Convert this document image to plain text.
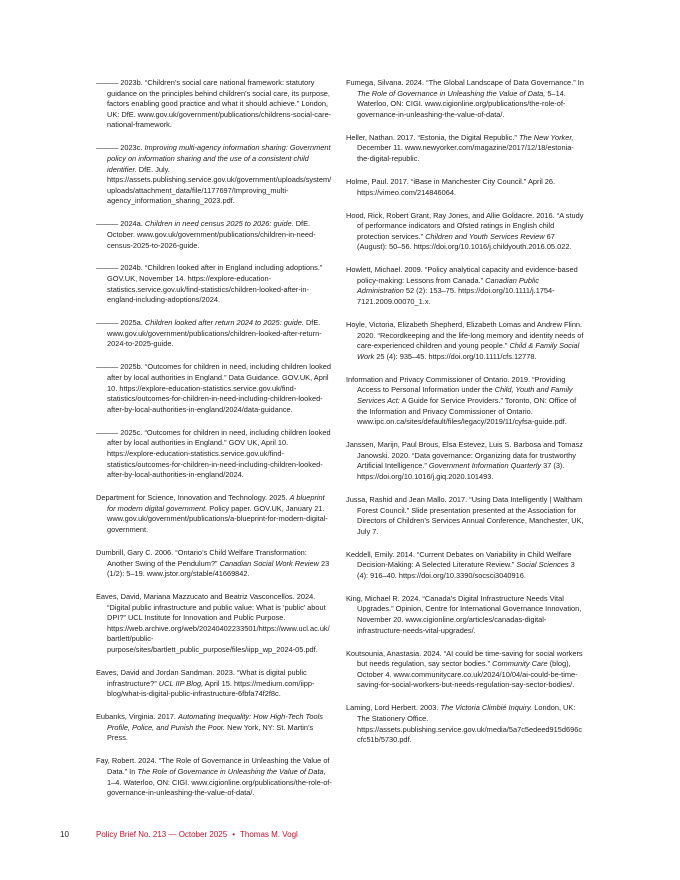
——— 2023b. “Children’s social care national framework: statutory guidance on the principles behind children’s social care, its purpose, factors enabling good practice and what it should achieve.” London, UK: DfE. www.gov.uk/government/publications/childrens-social-care-national-framework.

——— 2023c. Improving multi-agency information sharing: Government policy on information sharing and the use of a consistent child identifier. DfE. July. https://assets.publishing.service.gov.uk/government/uploads/system/uploads/attachment_data/file/1177697/Improving_multi-agency_information_sharing_2023.pdf.

——— 2024a. Children in need census 2025 to 2026: guide. DfE. October. www.gov.uk/government/publications/children-in-need-census-2025-to-2026-guide.

——— 2024b. “Children looked after in England including adoptions.” GOV.UK, November 14. https://explore-education-statistics.service.gov.uk/find-statistics/children-looked-after-in-england-including-adoptions/2024.

——— 2025a. Children looked after return 2024 to 2025: guide. DfE. www.gov.uk/government/publications/children-looked-after-return-2024-to-2025-guide.

——— 2025b. “Outcomes for children in need, including children looked after by local authorities in England.” Data Guidance. GOV.UK, April 10. https://explore-education-statistics.service.gov.uk/find-statistics/outcomes-for-children-in-need-including-children-looked-after-by-local-authorities-in-england/2024/data-guidance.

——— 2025c. “Outcomes for children in need, including children looked after by local authorities in England.” GOV UK, April 10. https://explore-education-statistics.service.gov.uk/find-statistics/outcomes-for-children-in-need-including-children-looked-after-by-local-authorities-in-england/2024.

Department for Science, Innovation and Technology. 2025. A blueprint for modern digital government. Policy paper. GOV.UK, January 21. www.gov.uk/government/publications/a-blueprint-for-modern-digital-government.

Dumbrill, Gary C. 2006. “Ontario’s Child Welfare Transformation: Another Swing of the Pendulum?” Canadian Social Work Review 23 (1/2): 5–19. www.jstor.org/stable/41669842.

Eaves, David, Mariana Mazzucato and Beatriz Vasconcellos. 2024. “Digital public infrastructure and public value: What is ‘public’ about DPI?” UCL Institute for Innovation and Public Purpose. https://web.archive.org/web/20240402233501/https://www.ucl.ac.uk/bartlett/public-purpose/sites/bartlett_public_purpose/files/iipp_wp_2024-05.pdf.

Eaves, David and Jordan Sandman. 2023. “What is digital public infrastructure?” UCL IIP Blog, April 15. https://medium.com/iipp-blog/what-is-digital-public-infrastructure-6fbfa74f2f8c.

Eubanks, Virginia. 2017. Automating Inequality: How High-Tech Tools Profile, Police, and Punish the Poor. New York, NY: St. Martin’s Press.

Fay, Robert. 2024. “The Role of Governance in Unleashing the Value of Data.” In The Role of Governance in Unleashing the Value of Data, 1–4. Waterloo, ON: CIGI. www.cigionline.org/publications/the-role-of-governance-in-unleashing-the-value-of-data/.

Fumega, Silvana. 2024. “The Global Landscape of Data Governance.” In The Role of Governance in Unleashing the Value of Data, 5–14. Waterloo, ON: CIGI. www.cigionline.org/publications/the-role-of-governance-in-unleashing-the-value-of-data/.

Heller, Nathan. 2017. “Estonia, the Digital Republic.” The New Yorker, December 11. www.newyorker.com/magazine/2017/12/18/estonia-the-digital-republic.

Holme, Paul. 2017. “iBase in Manchester City Council.” April 26. https://vimeo.com/214846064.

Hood, Rick, Robert Grant, Ray Jones, and Allie Goldacre. 2016. “A study of performance indicators and Ofsted ratings in English child protection services.” Children and Youth Services Review 67 (August): 50–56. https://doi.org/10.1016/j.childyouth.2016.05.022.

Howlett, Michael. 2009. “Policy analytical capacity and evidence-based policy-making: Lessons from Canada.” Canadian Public Administration 52 (2): 153–75. https://doi.org/10.1111/j.1754-7121.2009.00070_1.x.

Hoyle, Victoria, Elizabeth Shepherd, Elizabeth Lomas and Andrew Flinn. 2020. “Recordkeeping and the life-long memory and identity needs of care-experienced children and young people.” Child & Family Social Work 25 (4): 935–45. https://doi.org/10.1111/cfs.12778.

Information and Privacy Commissioner of Ontario. 2019. “Providing Access to Personal Information under the Child, Youth and Family Services Act: A Guide for Service Providers.” Toronto, ON: Office of the Information and Privacy Commissioner of Ontario. www.ipc.on.ca/sites/default/files/legacy/2019/11/cyfsa-guide.pdf.

Janssen, Marijn, Paul Brous, Elsa Estevez, Luis S. Barbosa and Tomasz Janowski. 2020. “Data governance: Organizing data for trustworthy Artificial Intelligence.” Government Information Quarterly 37 (3). https://doi.org/10.1016/j.giq.2020.101493.

Jussa, Rashid and Jean Mallo. 2017. “Using Data Intelligently | Waltham Forest Council.” Slide presentation presented at the Association for Directors of Children’s Services Annual Conference, Manchester, UK, July 7.

Keddell, Emily. 2014. “Current Debates on Variability in Child Welfare Decision-Making: A Selected Literature Review.” Social Sciences 3 (4): 916–40. https://doi.org/10.3390/socsci3040916.

King, Michael R. 2024. “Canada’s Digital Infrastructure Needs Vital Upgrades.” Opinion, Centre for International Governance Innovation, November 20. www.cigionline.org/articles/canadas-digital-infrastructure-needs-vital-upgrades/.

Koutsounia, Anastasia. 2024. “AI could be time-saving for social workers but needs regulation, say sector bodies.” Community Care (blog), October 4. www.communitycare.co.uk/2024/10/04/ai-could-be-time-saving-for-social-workers-but-needs-regulation-say-sector-bodies/.

Laming, Lord Herbert. 2003. The Victoria Climbié Inquiry. London, UK: The Stationery Office. https://assets.publishing.service.gov.uk/media/5a7c5edeed915d696ccfc51b/5730.pdf.

10	Policy Brief No. 213 — October 2025 • Thomas M. Vogl
